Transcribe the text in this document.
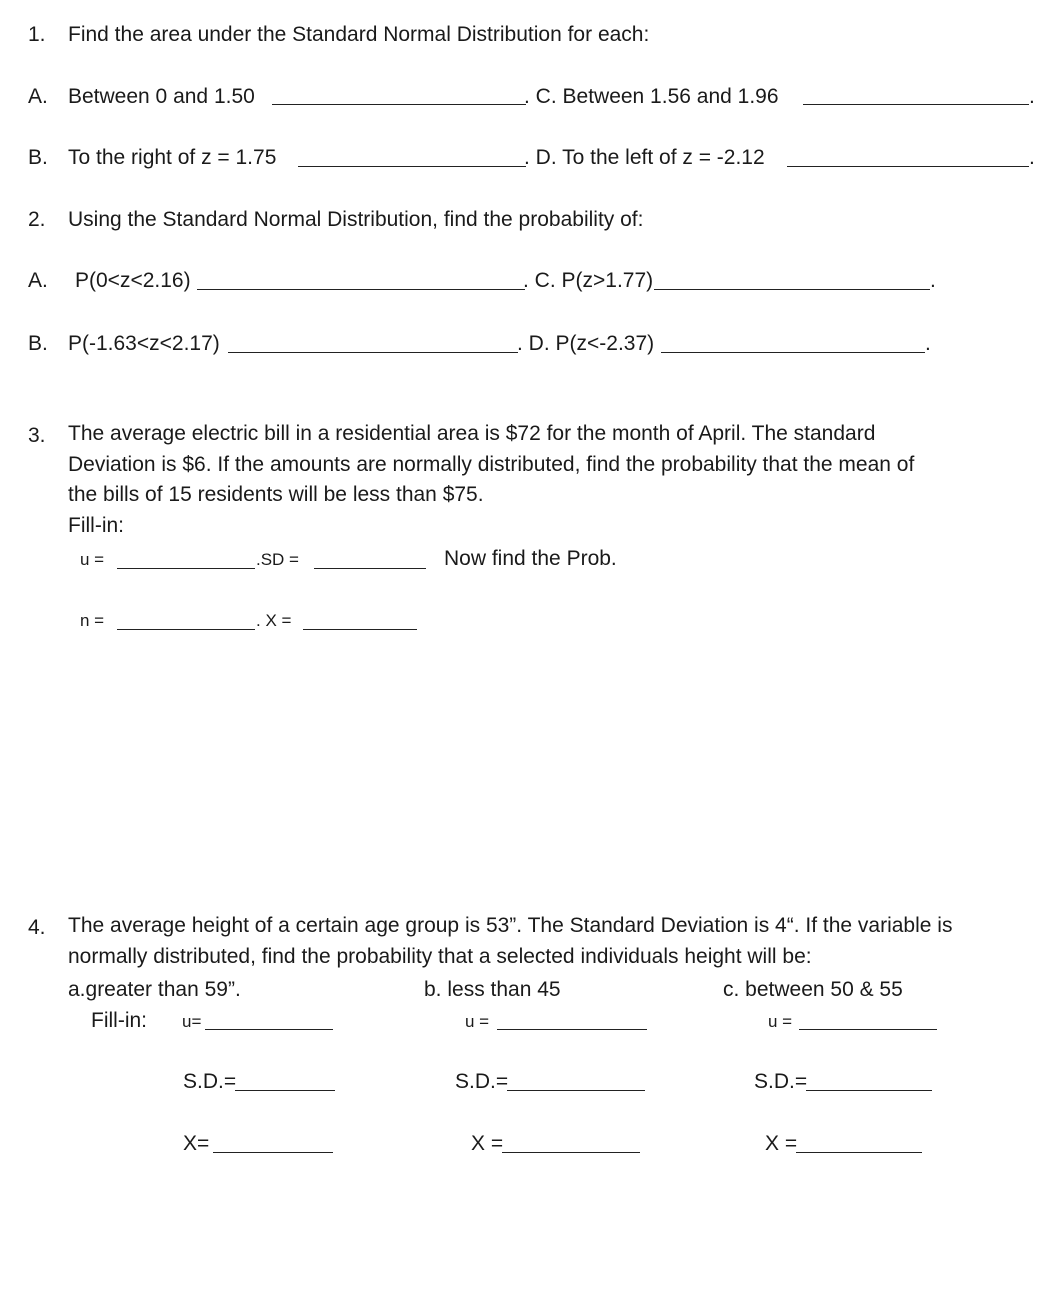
1. Find the area under the Standard Normal Distribution for each:
A. Between 0 and 1.50	. C. Between 1.56 and 1.96	.
B. To the right of z = 1.75	. D. To the left of z = -2.12	.
2. Using the Standard Normal Distribution, find the probability of:
A. P(0<z<2.16)	. C. P(z>1.77)	.
B. P(-1.63<z<2.17)	. D. P(z<-2.37)	.
3. The average electric bill in a residential area is $72 for the month of April. The standard
Deviation is $6. If the amounts are normally distributed, find the probability that the mean of
the bills of 15 residents will be less than $75.
Fill-in:
u =	.SD =	Now find the Prob.
n =	. X =
4. The average height of a certain age group is 53”. The Standard Deviation is 4“. If the variable is
normally distributed, find the probability that a selected individuals height will be:
a.greater than 59”.	b. less than 45	c. between 50 & 55
Fill-in: u=	u =	u =
S.D.=	S.D.=	S.D.=
X=	X =	X =
